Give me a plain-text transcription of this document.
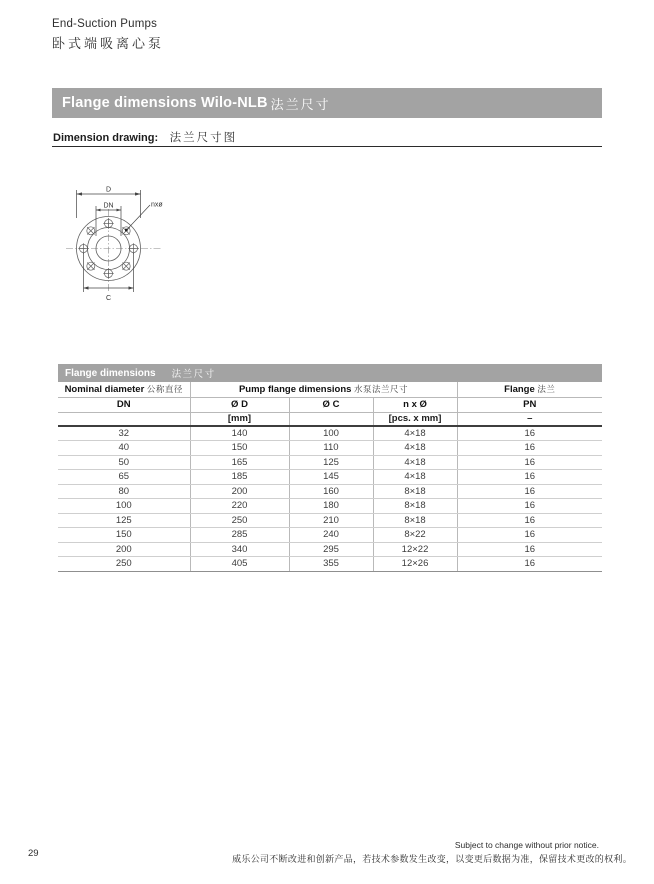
End-Suction Pumps
卧式端吸离心泵
Flange dimensions Wilo-NLB 法兰尺寸
Dimension drawing: 法兰尺寸图
D
DN
C
nxø
Flange dimensions 法兰尺寸
Nominal diameter 公称直径	Pump flange dimensions 水泵法兰尺寸			Flange 法兰
DN	Ø D	Ø C	n x Ø	PN
	[mm]		[pcs. x mm]	–
32	140	100	4×18	16
40	150	110	4×18	16
50	165	125	4×18	16
65	185	145	4×18	16
80	200	160	8×18	16
100	220	180	8×18	16
125	250	210	8×18	16
150	285	240	8×22	16
200	340	295	12×22	16
250	405	355	12×26	16
29
Subject to change without prior notice.
威乐公司不断改进和创新产品，若技术参数发生改变，以变更后数据为准，保留技术更改的权利。
